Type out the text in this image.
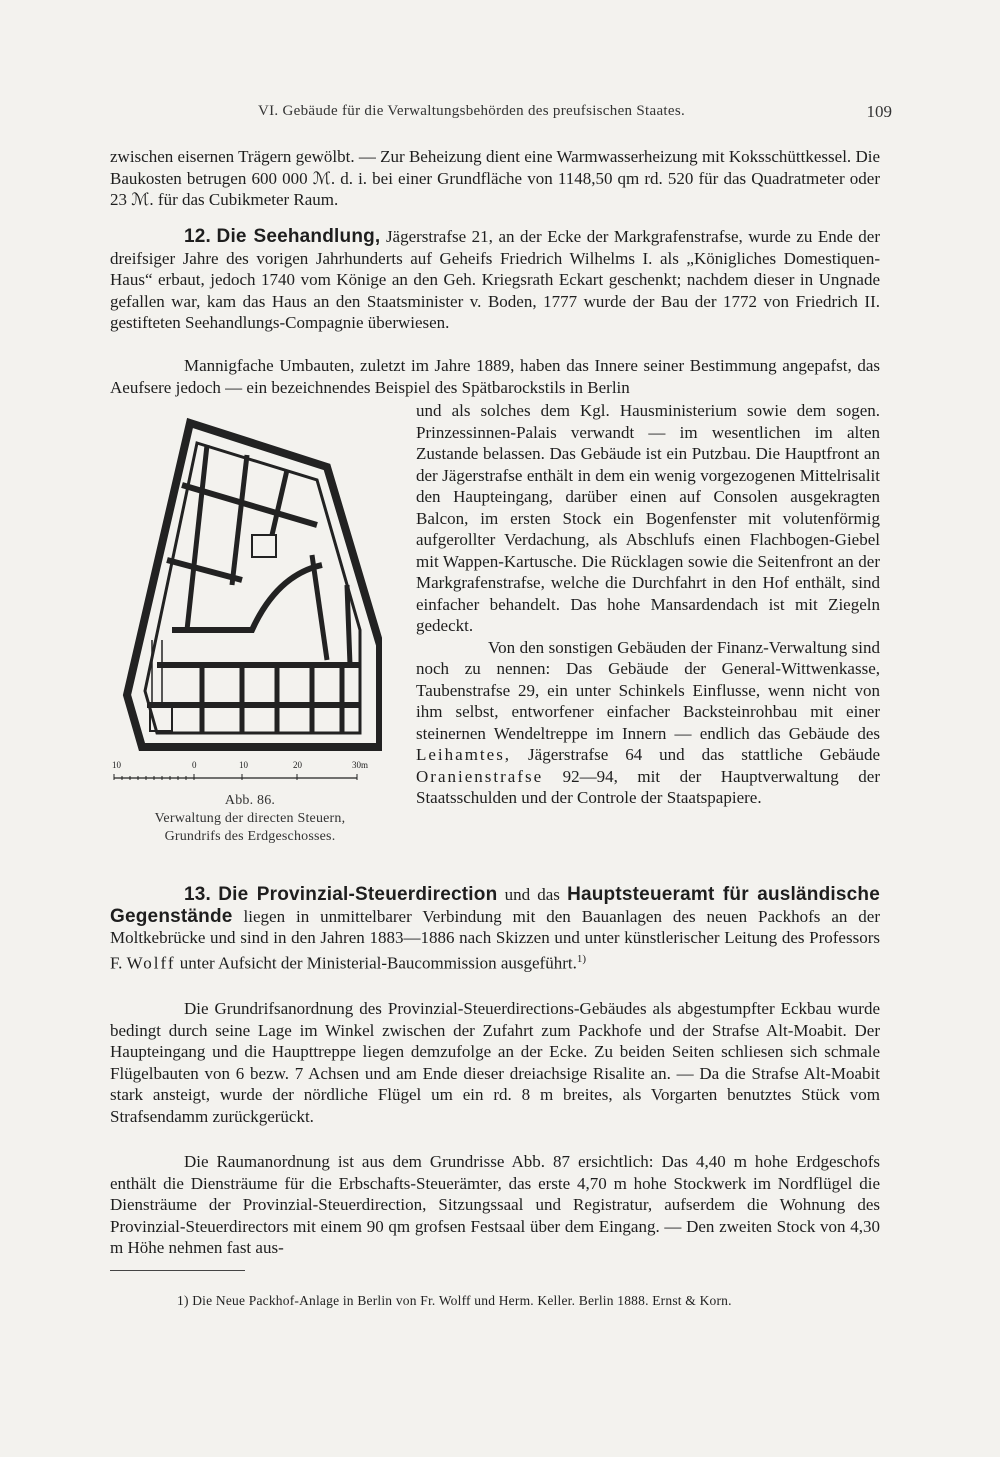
VI. Gebäude für die Verwaltungsbehörden des preufsischen Staates.	109

zwischen eisernen Trägern gewölbt. — Zur Beheizung dient eine Warmwasserheizung mit Koksschüttkessel. Die Baukosten betrugen 600 000 ℳ. d. i. bei einer Grundfläche von 1148,50 qm rd. 520 für das Quadratmeter oder 23 ℳ. für das Cubikmeter Raum.

12. Die Seehandlung, Jägerstrafse 21, an der Ecke der Markgrafenstrafse, wurde zu Ende der dreifsiger Jahre des vorigen Jahrhunderts auf Geheifs Friedrich Wilhelms I. als „Königliches Domestiquen-Haus“ erbaut, jedoch 1740 vom Könige an den Geh. Kriegsrath Eckart geschenkt; nachdem dieser in Ungnade gefallen war, kam das Haus an den Staatsminister v. Boden, 1777 wurde der Bau der 1772 von Friedrich II. gestifteten Seehandlungs-Compagnie überwiesen.

Mannigfache Umbauten, zuletzt im Jahre 1889, haben das Innere seiner Bestimmung angepafst, das Aeufsere jedoch — ein bezeichnendes Beispiel des Spätbarockstils in Berlin

und als solches dem Kgl. Hausministerium sowie dem sogen. Prinzessinnen-Palais verwandt — im wesentlichen im alten Zustande belassen. Das Gebäude ist ein Putzbau. Die Hauptfront an der Jägerstrafse enthält in dem ein wenig vorgezogenen Mittelrisalit den Haupteingang, darüber einen auf Consolen ausgekragten Balcon, im ersten Stock ein Bogenfenster mit volutenförmig aufgerollter Verdachung, als Abschlufs einen Flachbogen-Giebel mit Wappen-Kartusche. Die Rücklagen sowie die Seitenfront an der Markgrafenstrafse, welche die Durchfahrt in den Hof enthält, sind einfacher behandelt. Das hohe Mansardendach ist mit Ziegeln gedeckt.

Von den sonstigen Gebäuden der Finanz-Verwaltung sind noch zu nennen: Das Gebäude der General-Wittwenkasse, Taubenstrafse 29, ein unter Schinkels Einflusse, wenn nicht von ihm selbst, entworfener einfacher Backsteinrohbau mit einer steinernen Wendeltreppe im Innern — endlich das Gebäude des Leihamtes, Jägerstrafse 64 und das stattliche Gebäude Oranienstrafse 92—94, mit der Hauptverwaltung der Staatsschulden und der Controle der Staatspapiere.

10	0	10	20	30m
Abb. 86.
Verwaltung der directen Steuern,
Grundrifs des Erdgeschosses.

13. Die Provinzial-Steuerdirection und das Hauptsteueramt für ausländische Gegenstände liegen in unmittelbarer Verbindung mit den Bauanlagen des neuen Packhofs an der Moltkebrücke und sind in den Jahren 1883—1886 nach Skizzen und unter künstlerischer Leitung des Professors F. Wolff unter Aufsicht der Ministerial-Baucommission ausgeführt.$^{1)}$

Die Grundrifsanordnung des Provinzial-Steuerdirections-Gebäudes als abgestumpfter Eckbau wurde bedingt durch seine Lage im Winkel zwischen der Zufahrt zum Packhofe und der Strafse Alt-Moabit. Der Haupteingang und die Haupttreppe liegen demzufolge an der Ecke. Zu beiden Seiten schliesen sich schmale Flügelbauten von 6 bezw. 7 Achsen und am Ende dieser dreiachsige Risalite an. — Da die Strafse Alt-Moabit stark ansteigt, wurde der nördliche Flügel um ein rd. 8 m breites, als Vorgarten benutztes Stück vom Strafsendamm zurückgerückt.

Die Raumanordnung ist aus dem Grundrisse Abb. 87 ersichtlich: Das 4,40 m hohe Erdgeschofs enthält die Diensträume für die Erbschafts-Steuerämter, das erste 4,70 m hohe Stockwerk im Nordflügel die Diensträume der Provinzial-Steuerdirection, Sitzungssaal und Registratur, aufserdem die Wohnung des Provinzial-Steuerdirectors mit einem 90 qm grofsen Festsaal über dem Eingang. — Den zweiten Stock von 4,30 m Höhe nehmen fast aus-

1) Die Neue Packhof-Anlage in Berlin von Fr. Wolff und Herm. Keller. Berlin 1888. Ernst & Korn.
